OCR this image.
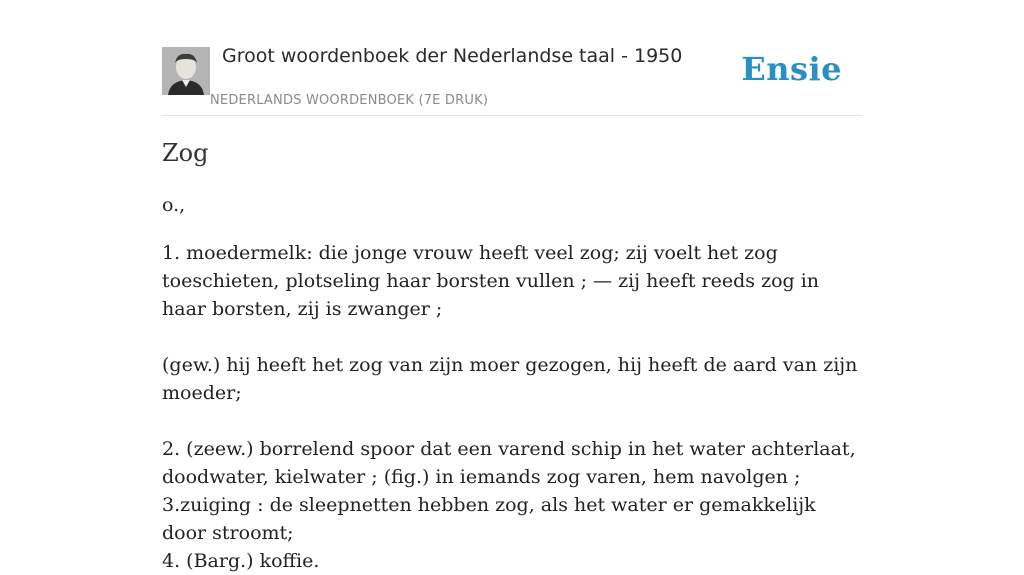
Groot woordenboek der Nederlandse taal - 1950
NEDERLANDS WOORDENBOEK (7E DRUK)
Ensie
Zog
o.,

1. moedermelk: die jonge vrouw heeft veel zog; zij voelt het zog toeschieten, plotseling haar borsten vullen ; — zij heeft reeds zog in haar borsten, zij is zwanger ;

(gew.) hij heeft het zog van zijn moer gezogen, hij heeft de aard van zijn moeder;

2. (zeew.) borrelend spoor dat een varend schip in het water achterlaat, doodwater, kielwater ; (fig.) in iemands zog varen, hem navolgen ;

3.zuiging : de sleepnetten hebben zog, als het water er gemakkelijk door stroomt;

4. (Barg.) koffie.
